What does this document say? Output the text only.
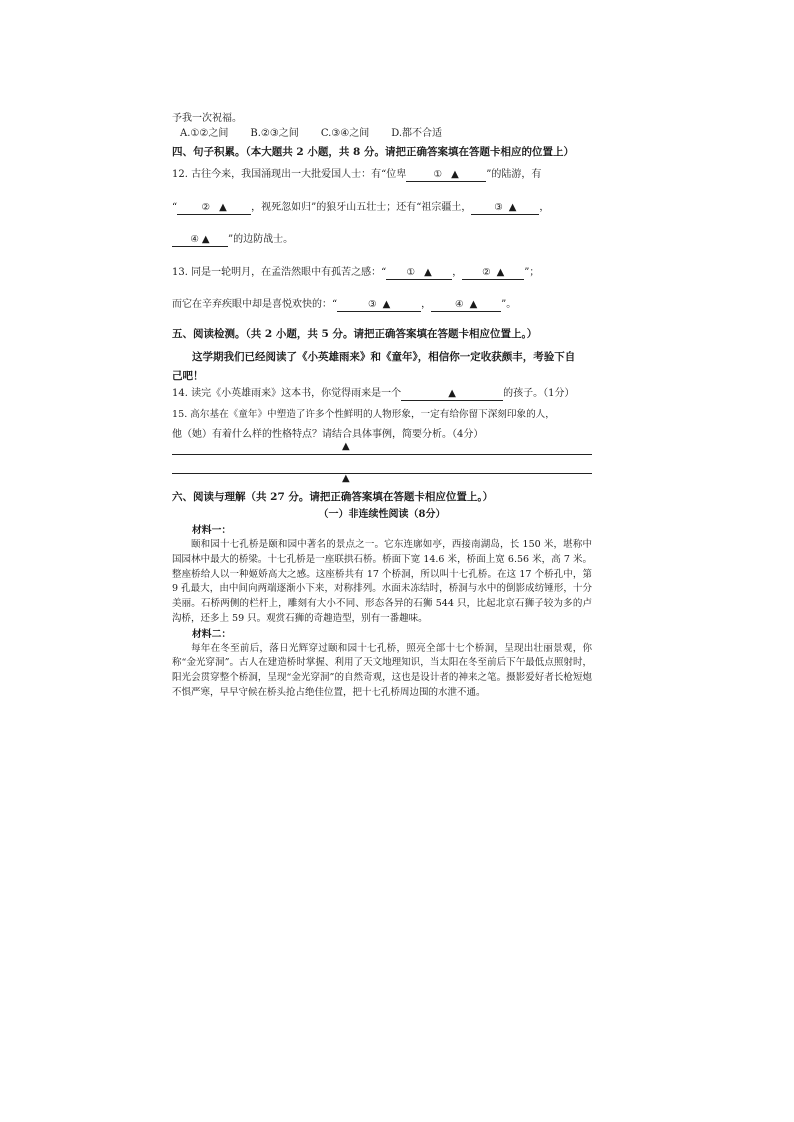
予我一次祝福。
A.①②之间 B.②③之间 C.③④之间 D.都不合适
四、句子积累。（本大题共 2 小题，共 8 分。请把正确答案填在答题卡相应的位置上）
12. 古往今来，我国涌现出一大批爱国人士：有“位卑	① ▲	”的陆游，有
“	② ▲ ，视死忽如归”的狼牙山五壮士；还有“祖宗疆土， ③ ▲ ，
④ ▲ ”的边防战士。
13. 同是一轮明月，在孟浩然眼中有孤苦之感：“ ① ▲ ， ② ▲ ”；
而它在辛弃疾眼中却是喜悦欢快的：“	③ ▲	，	④ ▲ ”。
五、阅读检测。（共 2 小题，共 5 分。请把正确答案填在答题卡相应位置上。）
这学期我们已经阅读了《小英雄雨来》和《童年》，相信你一定收获颇丰，考验下自
己吧！
14. 读完《小英雄雨来》这本书，你觉得雨来是一个	▲	的孩子。（1分）
15. 高尔基在《童年》中塑造了许多个性鲜明的人物形象，一定有给你留下深刻印象的人，
他（她）有着什么样的性格特点？请结合具体事例，简要分析。（4分）
▲
▲
六、阅读与理解（共 27 分。请把正确答案填在答题卡相应位置上。）
（一）非连续性阅读（8分）
材料一：
颐和园十七孔桥是颐和园中著名的景点之一。它东连廓如亭，西接南湖岛，长 150 米，堪称中国园林中最大的桥梁。十七孔桥是一座联拱石桥。桥面下宽 14.6 米，桥面上宽 6.56 米，高 7 米。整座桥给人以一种姬娇高大之感。这座桥共有 17 个桥洞，所以叫十七孔桥。在这 17 个桥孔中，第 9 孔最大，由中间向两端逐渐小下来，对称排列。水面未冻结时，桥洞与水中的倒影成纺锤形，十分美丽。石桥两侧的栏杆上，雕刻有大小不同、形态各异的石狮 544 只，比起北京石狮子较为多的卢沟桥，还多上 59 只。观赏石狮的奇趣造型，别有一番趣味。
材料二：
每年在冬至前后，落日光辉穿过颐和园十七孔桥，照亮全部十七个桥洞，呈现出壮丽景观，你称“金光穿洞”。古人在建造桥时掌握、利用了天文地理知识，当太阳在冬至前后下午最低点照射时，阳光会贯穿整个桥洞，呈现“金光穿洞”的自然奇观，这也是设计者的神来之笔。摄影爱好者长枪短炮不惧严寒，早早守候在桥头抢占绝佳位置，把十七孔桥周边围的水泄不通。
